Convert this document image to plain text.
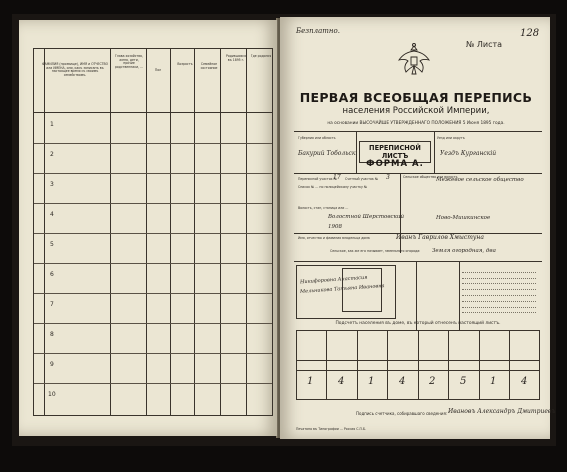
ФАМИЛИЯ (прозвище), ИМЯ и ОТЧЕСТВО или ИМЕНА, или, какъ записанъ въ настоящее время съ своимъ семействомъ.
Глава хозяйства, жена, дети, прочие родственники, ...
Пол
Возрастъ	Семейное состояние
Родившихся въ 1895 г.
Где родился
1
2
3
4
5
6
7
8
9
10
Безплатно.
№ Листа
128
ПЕРВАЯ ВСЕОБЩАЯ ПЕРЕПИСЬ
населения Российской Империи,
на основании ВЫСОЧАЙШЕ УТВЕРЖДЕННАГО ПОЛОЖЕНИЯ 5 Июня 1895 года.
ПЕРЕПИСНОЙ ЛИСТЪ
ФОРМА А.
Губерния или область
Бакурий Тобольск
Уезд или округъ
Уездъ Курганскiй
Переписной участок №
17 Счетный участок №	3
Список № ... по полицейскому участку №
Волость, стан, станица или ...
Волостной Шерстовский
1908
Сельское общество или волость
Межевое сельское общество
Ново-Мишкинское
Имя, отчество и фамилия владельца дома	Иванъ Гаврилов Хмыстуна
Сельское, как же его называет, земельного огорода:	Земля огородная, два
Никифоровна Анастасия
Мельникова Татьяна Ивановна
Подсчетъ населения въ доме, въ который отнесенъ настоящий листъ.
1 4 1 4 2 5 1 4
Подпись счетчика, собиравшаго сведения: Ивановъ Александръ Дмитриевъ
Печатано въ Типографии ... Россия С.П.Б.
